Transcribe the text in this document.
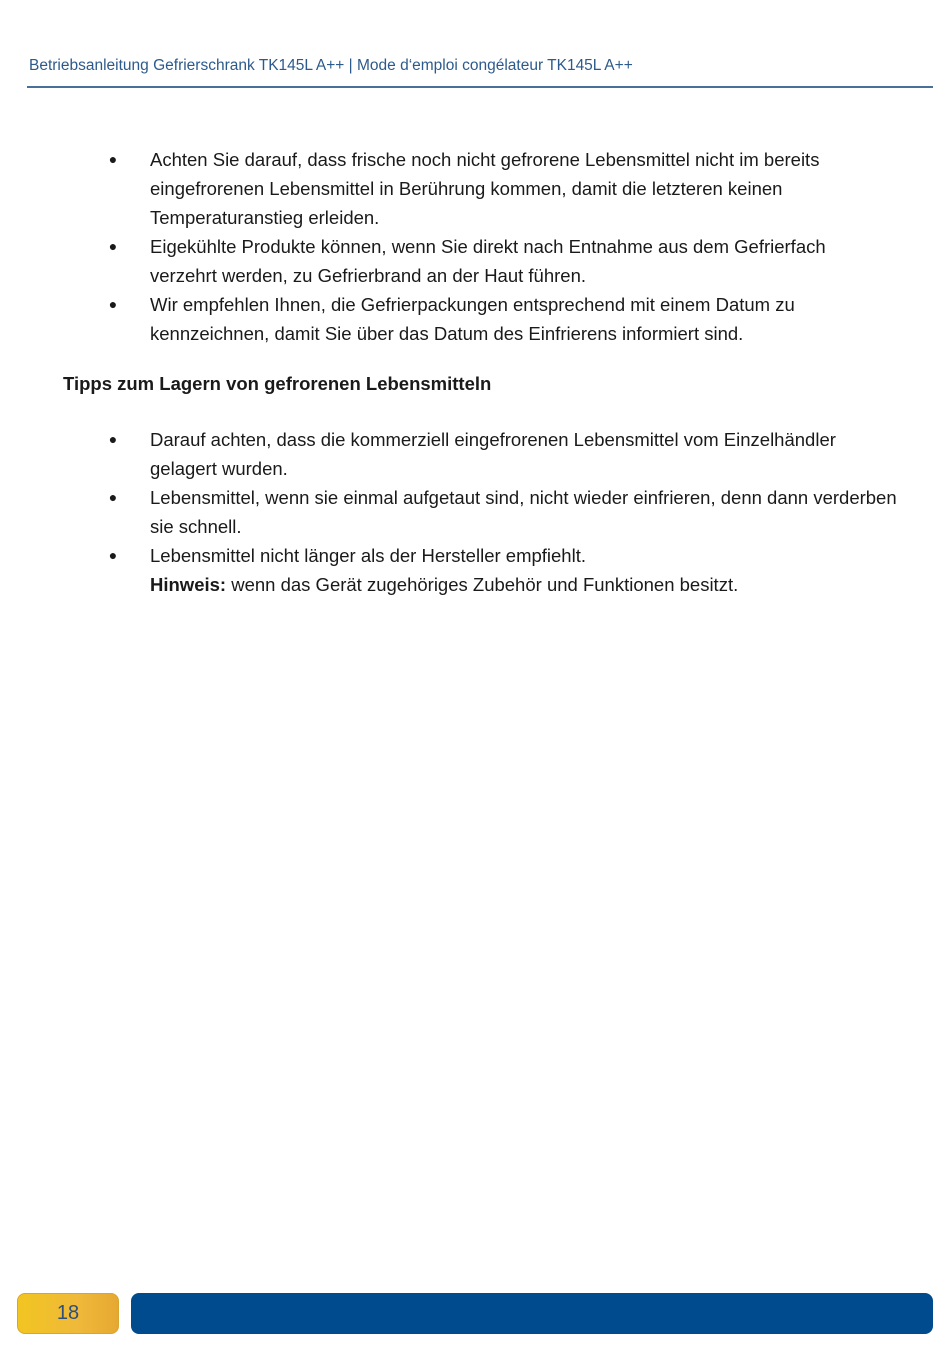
Betriebsanleitung Gefrierschrank TK145L A++ | Mode d‘emploi congélateur TK145L A++
● Achten Sie darauf, dass frische noch nicht gefrorene Lebensmittel nicht im bereits eingefrorenen Lebensmittel in Berührung kommen, damit die letzteren keinen Temperaturanstieg erleiden.
● Eigekühlte Produkte können, wenn Sie direkt nach Entnahme aus dem Gefrierfach verzehrt werden, zu Gefrierbrand an der Haut führen.
● Wir empfehlen Ihnen, die Gefrierpackungen entsprechend mit einem Datum zu kennzeichnen, damit Sie über das Datum des Einfrierens informiert sind.
Tipps zum Lagern von gefrorenen Lebensmitteln
● Darauf achten, dass die kommerziell eingefrorenen Lebensmittel vom Einzelhändler gelagert wurden.
● Lebensmittel, wenn sie einmal aufgetaut sind, nicht wieder einfrieren, denn dann verderben sie schnell.
● Lebensmittel nicht länger als der Hersteller empfiehlt.
Hinweis: wenn das Gerät zugehöriges Zubehör und Funktionen besitzt.
18
